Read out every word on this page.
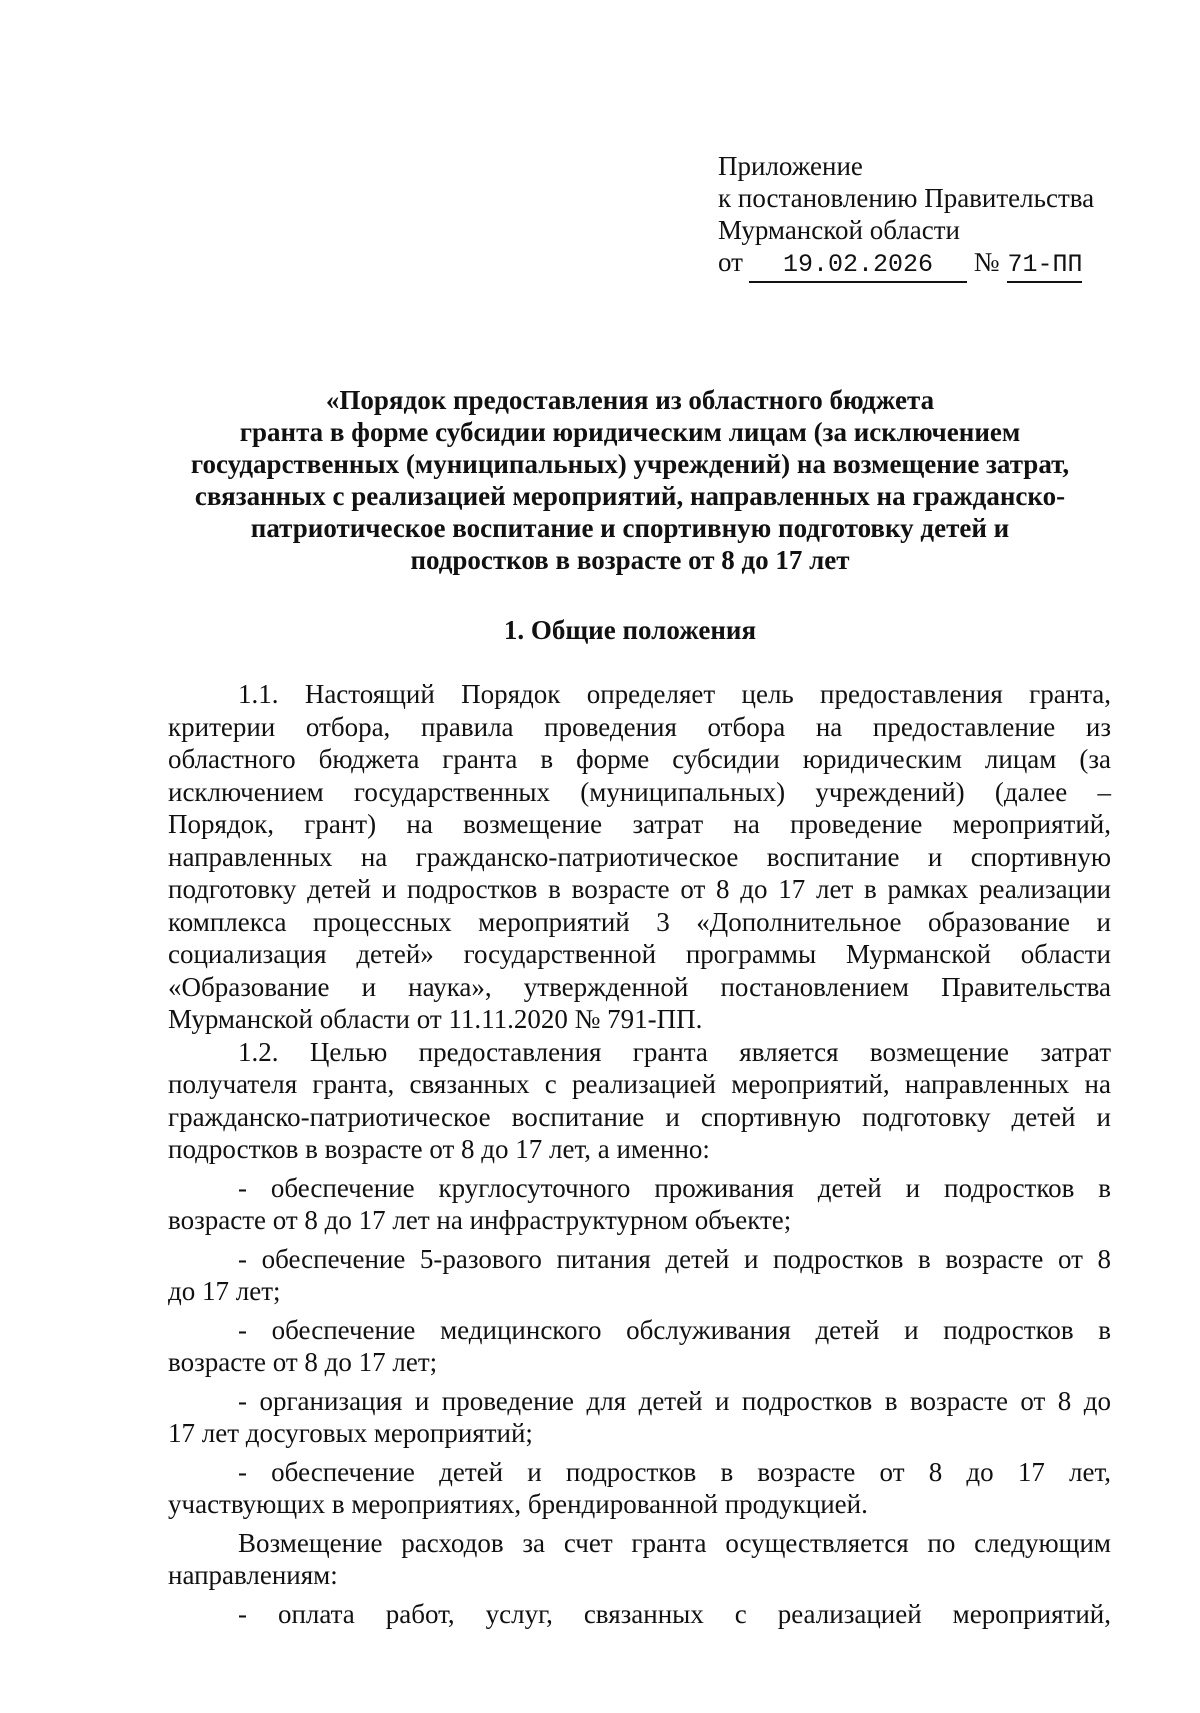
Приложение
к постановлению Правительства
Мурманской области
от 19.02.2026 № 71-ПП
«Порядок предоставления из областного бюджета
гранта в форме субсидии юридическим лицам (за исключением
государственных (муниципальных) учреждений) на возмещение затрат,
связанных с реализацией мероприятий, направленных на гражданско-
патриотическое воспитание и спортивную подготовку детей и
подростков в возрасте от 8 до 17 лет
1. Общие положения

1.1. Настоящий Порядок определяет цель предоставления гранта,
критерии отбора, правила проведения отбора на предоставление из
областного бюджета гранта в форме субсидии юридическим лицам (за
исключением государственных (муниципальных) учреждений) (далее –
Порядок, грант) на возмещение затрат на проведение мероприятий,
направленных на гражданско-патриотическое воспитание и спортивную
подготовку детей и подростков в возрасте от 8 до 17 лет в рамках реализации
комплекса процессных мероприятий 3 «Дополнительное образование и
социализация детей» государственной программы Мурманской области
«Образование и наука», утвержденной постановлением Правительства
Мурманской области от 11.11.2020 № 791-ПП.

1.2. Целью предоставления гранта является возмещение затрат
получателя гранта, связанных с реализацией мероприятий, направленных на
гражданско-патриотическое воспитание и спортивную подготовку детей и
подростков в возрасте от 8 до 17 лет, а именно:

- обеспечение круглосуточного проживания детей и подростков в
возрасте от 8 до 17 лет на инфраструктурном объекте;

- обеспечение 5-разового питания детей и подростков в возрасте от 8
до 17 лет;

- обеспечение медицинского обслуживания детей и подростков в
возрасте от 8 до 17 лет;

- организация и проведение для детей и подростков в возрасте от 8 до
17 лет досуговых мероприятий;

- обеспечение детей и подростков в возрасте от 8 до 17 лет,
участвующих в мероприятиях, брендированной продукцией.

Возмещение расходов за счет гранта осуществляется по следующим
направлениям:

- оплата работ, услуг, связанных с реализацией мероприятий,
